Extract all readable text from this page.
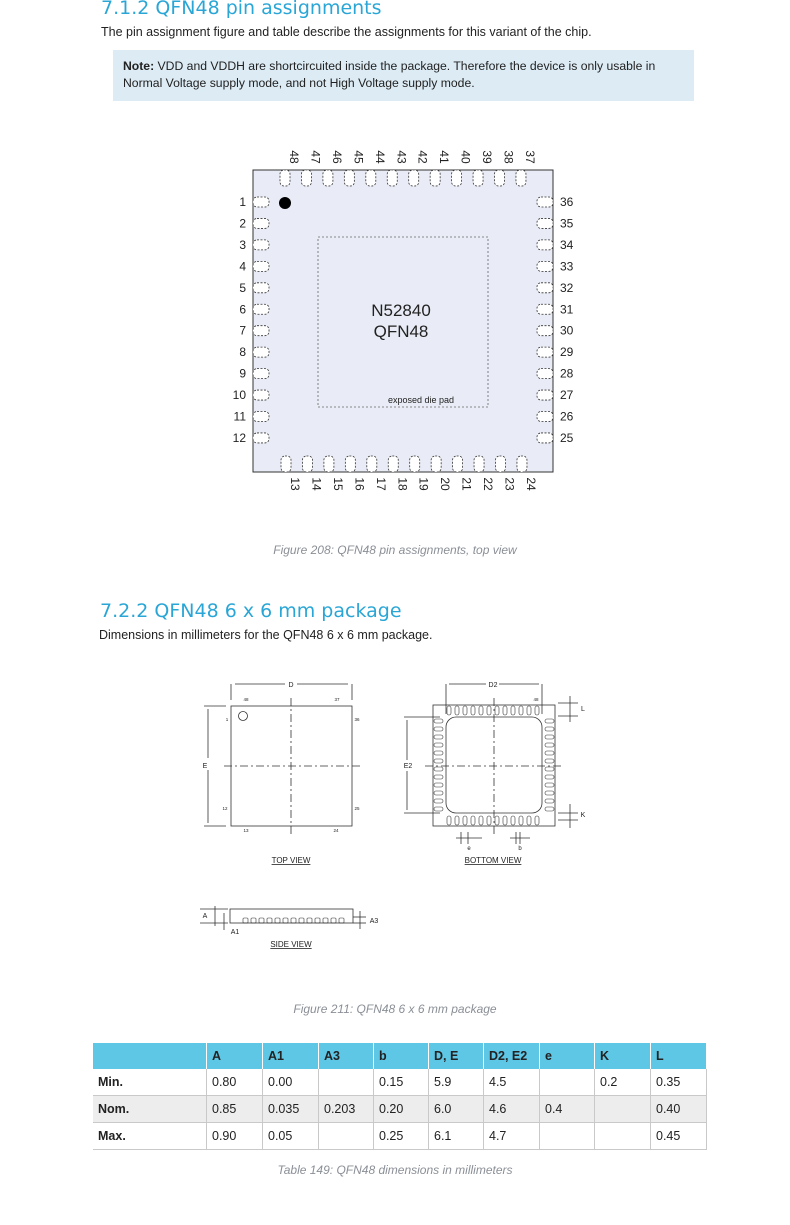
7.1.2 QFN48 pin assignments
The pin assignment figure and table describe the assignments for this variant of the chip.
Note: VDD and VDDH are shortcircuited inside the package. Therefore the device is only usable in Normal Voltage supply mode, and not High Voltage supply mode.
N52840
QFN48
exposed die pad
48 47 46 45 44 43 42 41 40 39 38 37
13 14 15 16 17 18 19 20 21 22 23 24
1
2
3
4
5
6
7
8
9
10
11
12
36
35
34
33
32
31
30
29
28
27
26
25
Figure 208: QFN48 pin assignments, top view
7.2.2 QFN48 6 x 6 mm package
Dimensions in millimeters for the QFN48 6 x 6 mm package.
D
E
48	37
1	36
12	25
13	24
TOP VIEW
D2
E2
L
K
e	b
48
BOTTOM VIEW
A
A1
A3
SIDE VIEW
Figure 211: QFN48 6 x 6 mm package
	A	A1	A3	b	D, E	D2, E2	e	K	L
Min.	0.80	0.00		0.15	5.9	4.5		0.2	0.35
Nom.	0.85	0.035	0.203	0.20	6.0	4.6	0.4		0.40
Max.	0.90	0.05		0.25	6.1	4.7			0.45
Table 149: QFN48 dimensions in millimeters
